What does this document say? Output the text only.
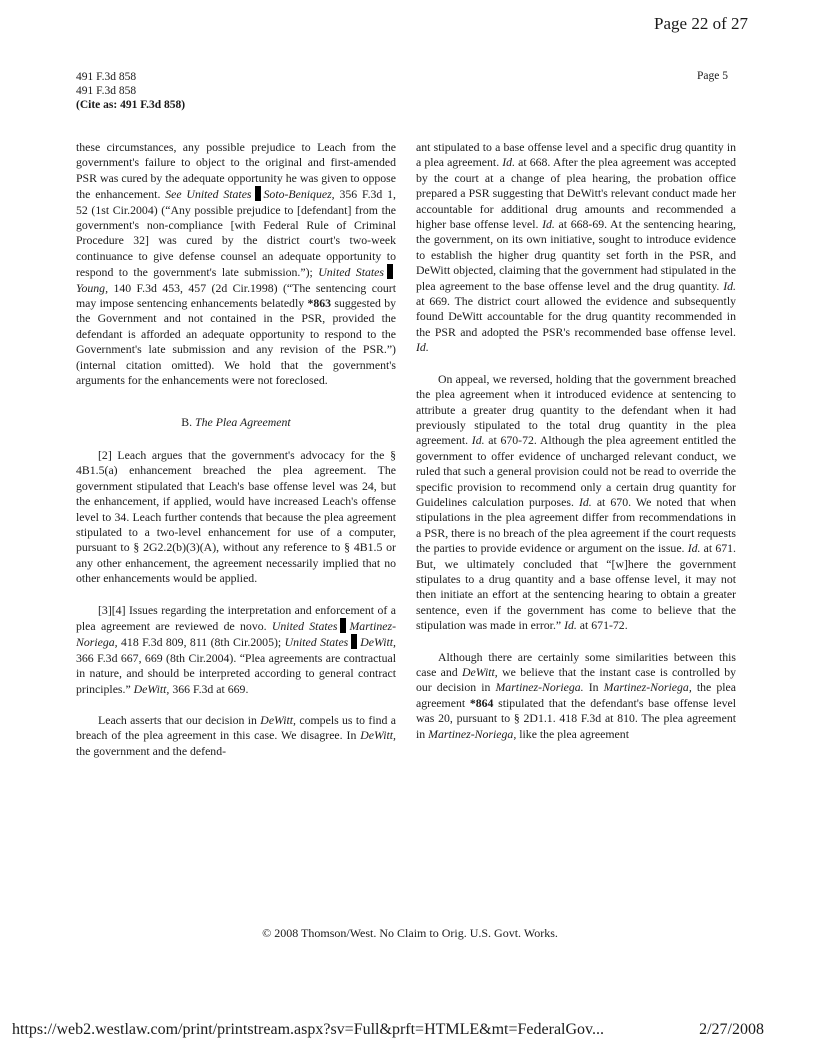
Page 22 of 27
491 F.3d 858
491 F.3d 858
(Cite as: 491 F.3d 858)
Page 5

these circumstances, any possible prejudice to Leach from the government's failure to object to the original and first-amended PSR was cured by the adequate opportunity he was given to oppose the enhancement. See United States Soto-Beniquez, 356 F.3d 1, 52 (1st Cir.2004) (“Any possible prejudice to [defendant] from the government's non-compliance [with Federal Rule of Criminal Procedure 32] was cured by the district court's two-week continuance to give defense counsel an adequate opportunity to respond to the government's late submission.”); United StatesYoung, 140 F.3d 453, 457 (2d Cir.1998) (“The sentencing court may impose sentencing enhancements belatedly *863 suggested by the Government and not contained in the PSR, provided the defendant is afforded an adequate opportunity to respond to the Government's late submission and any revision of the PSR.”) (internal citation omitted). We hold that the government's arguments for the enhancements were not foreclosed.

B. The Plea Agreement

[2] Leach argues that the government's advocacy for the § 4B1.5(a) enhancement breached the plea agreement. The government stipulated that Leach's base offense level was 24, but the enhancement, if applied, would have increased Leach's offense level to 34. Leach further contends that because the plea agreement stipulated to a two-level enhancement for use of a computer, pursuant to § 2G2.2(b)(3)(A), without any reference to § 4B1.5 or any other enhancement, the agreement necessarily implied that no other enhancements would be applied.

[3][4] Issues regarding the interpretation and enforcement of a plea agreement are reviewed de novo. United States Martinez-Noriega, 418 F.3d 809, 811 (8th Cir.2005); United States DeWitt, 366 F.3d 667, 669 (8th Cir.2004). “Plea agreements are contractual in nature, and should be interpreted according to general contract principles.” DeWitt, 366 F.3d at 669.

Leach asserts that our decision in DeWitt, compels us to find a breach of the plea agreement in this case. We disagree. In DeWitt, the government and the defend-

ant stipulated to a base offense level and a specific drug quantity in a plea agreement. Id. at 668. After the plea agreement was accepted by the court at a change of plea hearing, the probation office prepared a PSR suggesting that DeWitt's relevant conduct made her accountable for additional drug amounts and recommended a higher base offense level. Id. at 668-69. At the sentencing hearing, the government, on its own initiative, sought to introduce evidence to establish the higher drug quantity set forth in the PSR, and DeWitt objected, claiming that the government had stipulated in the plea agreement to the base offense level and the drug quantity. Id. at 669. The district court allowed the evidence and subsequently found DeWitt accountable for the drug quantity recommended in the PSR and adopted the PSR's recommended base offense level. Id.

On appeal, we reversed, holding that the government breached the plea agreement when it introduced evidence at sentencing to attribute a greater drug quantity to the defendant when it had previously stipulated to the total drug quantity in the plea agreement. Id. at 670-72. Although the plea agreement entitled the government to offer evidence of uncharged relevant conduct, we ruled that such a general provision could not be read to override the specific provision to recommend only a certain drug quantity for Guidelines calculation purposes. Id. at 670. We noted that when stipulations in the plea agreement differ from recommendations in a PSR, there is no breach of the plea agreement if the court requests the parties to provide evidence or argument on the issue. Id. at 671. But, we ultimately concluded that “[w]here the government stipulates to a drug quantity and a base offense level, it may not then initiate an effort at the sentencing hearing to obtain a greater sentence, even if the government has come to believe that the stipulation was made in error.” Id. at 671-72.

Although there are certainly some similarities between this case and DeWitt, we believe that the instant case is controlled by our decision in Martinez-Noriega. In Martinez-Noriega, the plea agreement *864 stipulated that the defendant's base offense level was 20, pursuant to § 2D1.1. 418 F.3d at 810. The plea agreement in Martinez-Noriega, like the plea agreement

© 2008 Thomson/West. No Claim to Orig. U.S. Govt. Works.
https://web2.westlaw.com/print/printstream.aspx?sv=Full&prft=HTMLE&mt=FederalGov...	2/27/2008
